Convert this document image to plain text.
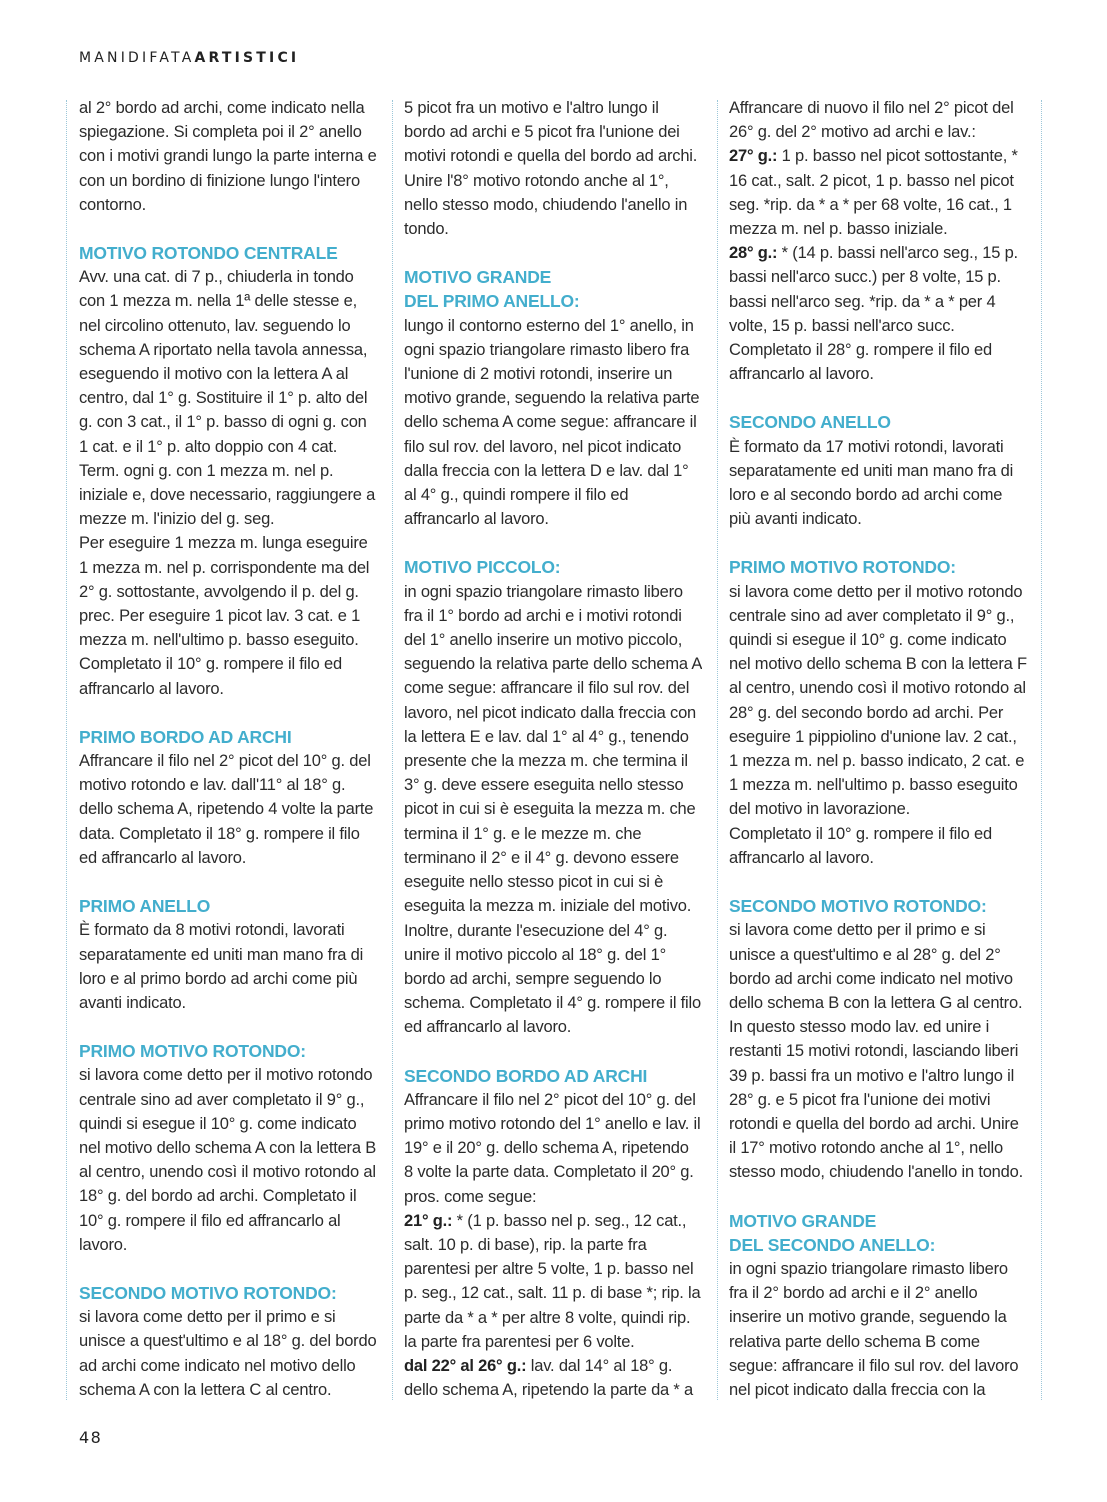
MANIDIFATAARTISTICI

al 2° bordo ad archi, come indicato nella spiegazione. Si completa poi il 2° anello con i motivi grandi lungo la parte interna e con un bordino di finizione lungo l'intero contorno.

MOTIVO ROTONDO CENTRALE

Avv. una cat. di 7 p., chiuderla in tondo con 1 mezza m. nella 1ª delle stesse e, nel circolino ottenuto, lav. seguendo lo schema A riportato nella tavola annessa, eseguendo il motivo con la lettera A al centro, dal 1° g. Sostituire il 1° p. alto del g. con 3 cat., il 1° p. basso di ogni g. con 1 cat. e il 1° p. alto doppio con 4 cat. Term. ogni g. con 1 mezza m. nel p. iniziale e, dove necessario, raggiungere a mezze m. l'inizio del g. seg.

Per eseguire 1 mezza m. lunga eseguire 1 mezza m. nel p. corrispondente ma del 2° g. sottostante, avvolgendo il p. del g. prec. Per eseguire 1 picot lav. 3 cat. e 1 mezza m. nell'ultimo p. basso eseguito.

Completato il 10° g. rompere il filo ed affrancarlo al lavoro.

PRIMO BORDO AD ARCHI

Affrancare il filo nel 2° picot del 10° g. del motivo rotondo e lav. dall'11° al 18° g. dello schema A, ripetendo 4 volte la parte data. Completato il 18° g. rompere il filo ed affrancarlo al lavoro.

PRIMO ANELLO

È formato da 8 motivi rotondi, lavorati separatamente ed uniti man mano fra di loro e al primo bordo ad archi come più avanti indicato.

PRIMO MOTIVO ROTONDO:

si lavora come detto per il motivo rotondo centrale sino ad aver completato il 9° g., quindi si esegue il 10° g. come indicato nel motivo dello schema A con la lettera B al centro, unendo così il motivo rotondo al 18° g. del bordo ad archi. Completato il 10° g. rompere il filo ed affrancarlo al lavoro.

SECONDO MOTIVO ROTONDO:

si lavora come detto per il primo e si unisce a quest'ultimo e al 18° g. del bordo ad archi come indicato nel motivo dello schema A con la lettera C al centro.

5 picot fra un motivo e l'altro lungo il bordo ad archi e 5 picot fra l'unione dei motivi rotondi e quella del bordo ad archi. Unire l'8° motivo rotondo anche al 1°, nello stesso modo, chiudendo l'anello in tondo.

MOTIVO GRANDE
DEL PRIMO ANELLO:

lungo il contorno esterno del 1° anello, in ogni spazio triangolare rimasto libero fra l'unione di 2 motivi rotondi, inserire un motivo grande, seguendo la relativa parte dello schema A come segue: affrancare il filo sul rov. del lavoro, nel picot indicato dalla freccia con la lettera D e lav. dal 1° al 4° g., quindi rompere il filo ed affrancarlo al lavoro.

MOTIVO PICCOLO:

in ogni spazio triangolare rimasto libero fra il 1° bordo ad archi e i motivi rotondi del 1° anello inserire un motivo piccolo, seguendo la relativa parte dello schema A come segue: affrancare il filo sul rov. del lavoro, nel picot indicato dalla freccia con la lettera E e lav. dal 1° al 4° g., tenendo presente che la mezza m. che termina il 3° g. deve essere eseguita nello stesso picot in cui si è eseguita la mezza m. che termina il 1° g. e le mezze m. che terminano il 2° e il 4° g. devono essere eseguite nello stesso picot in cui si è eseguita la mezza m. iniziale del motivo. Inoltre, durante l'esecuzione del 4° g. unire il motivo piccolo al 18° g. del 1° bordo ad archi, sempre seguendo lo schema. Completato il 4° g. rompere il filo ed affrancarlo al lavoro.

SECONDO BORDO AD ARCHI

Affrancare il filo nel 2° picot del 10° g. del primo motivo rotondo del 1° anello e lav. il 19° e il 20° g. dello schema A, ripetendo 8 volte la parte data. Completato il 20° g. pros. come segue:

21° g.: * (1 p. basso nel p. seg., 12 cat., salt. 10 p. di base), rip. la parte fra parentesi per altre 5 volte, 1 p. basso nel p. seg., 12 cat., salt. 11 p. di base *; rip. la parte da * a * per altre 8 volte, quindi rip. la parte fra parentesi per 6 volte.

dal 22° al 26° g.: lav. dal 14° al 18° g. dello schema A, ripetendo la parte da * a

Affrancare di nuovo il filo nel 2° picot del 26° g. del 2° motivo ad archi e lav.:

27° g.: 1 p. basso nel picot sottostante, * 16 cat., salt. 2 picot, 1 p. basso nel picot seg. *rip. da * a * per 68 volte, 16 cat., 1 mezza m. nel p. basso iniziale.

28° g.: * (14 p. bassi nell'arco seg., 15 p. bassi nell'arco succ.) per 8 volte, 15 p. bassi nell'arco seg. *rip. da * a * per 4 volte, 15 p. bassi nell'arco succ.

Completato il 28° g. rompere il filo ed affrancarlo al lavoro.

SECONDO ANELLO

È formato da 17 motivi rotondi, lavorati separatamente ed uniti man mano fra di loro e al secondo bordo ad archi come più avanti indicato.

PRIMO MOTIVO ROTONDO:

si lavora come detto per il motivo rotondo centrale sino ad aver completato il 9° g., quindi si esegue il 10° g. come indicato nel motivo dello schema B con la lettera F al centro, unendo così il motivo rotondo al 28° g. del secondo bordo ad archi. Per eseguire 1 pippiolino d'unione lav. 2 cat., 1 mezza m. nel p. basso indicato, 2 cat. e 1 mezza m. nell'ultimo p. basso eseguito del motivo in lavorazione.

Completato il 10° g. rompere il filo ed affrancarlo al lavoro.

SECONDO MOTIVO ROTONDO:

si lavora come detto per il primo e si unisce a quest'ultimo e al 28° g. del 2° bordo ad archi come indicato nel motivo dello schema B con la lettera G al centro.

In questo stesso modo lav. ed unire i restanti 15 motivi rotondi, lasciando liberi 39 p. bassi fra un motivo e l'altro lungo il 28° g. e 5 picot fra l'unione dei motivi rotondi e quella del bordo ad archi. Unire il 17° motivo rotondo anche al 1°, nello stesso modo, chiudendo l'anello in tondo.

MOTIVO GRANDE
DEL SECONDO ANELLO:

in ogni spazio triangolare rimasto libero fra il 2° bordo ad archi e il 2° anello inserire un motivo grande, seguendo la relativa parte dello schema B come segue: affrancare il filo sul rov. del lavoro nel picot indicato dalla freccia con la

48
